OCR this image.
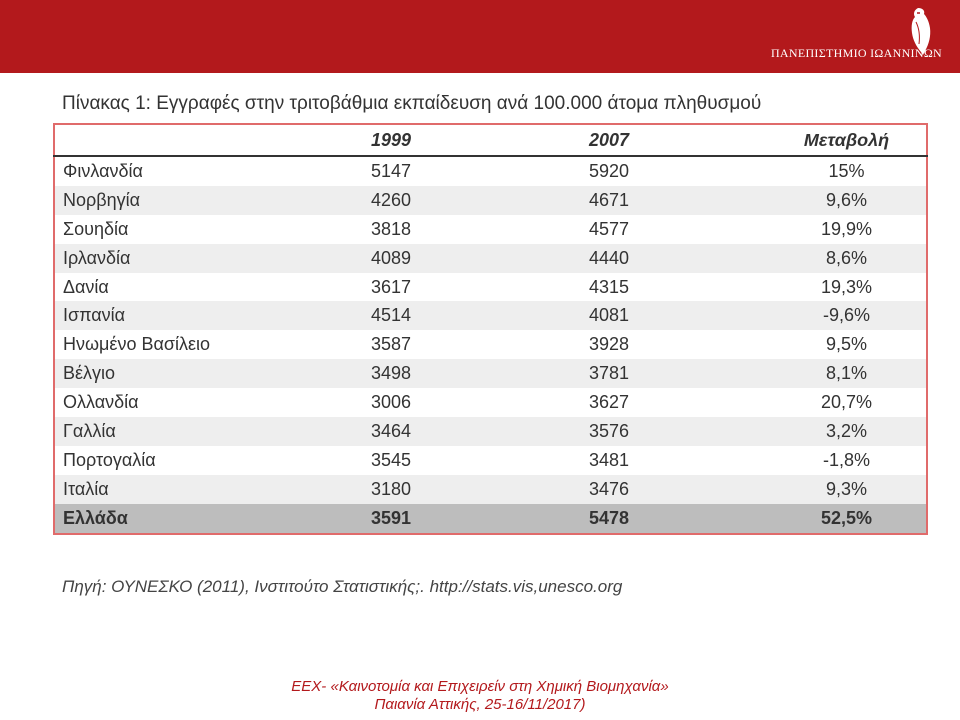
ΠΑΝΕΠΙΣΤΗΜΙΟ ΙΩΑΝΝΙΝΩΝ
Πίνακας 1: Εγγραφές στην τριτοβάθμια εκπαίδευση ανά 100.000 άτομα πληθυσμού
	1999	2007	Μεταβολή
Φινλανδία	5147	5920	15%
Νορβηγία	4260	4671	9,6%
Σουηδία	3818	4577	19,9%
Ιρλανδία	4089	4440	8,6%
Δανία	3617	4315	19,3%
Ισπανία	4514	4081	-9,6%
Ηνωμένο Βασίλειο	3587	3928	9,5%
Βέλγιο	3498	3781	8,1%
Ολλανδία	3006	3627	20,7%
Γαλλία	3464	3576	3,2%
Πορτογαλία	3545	3481	-1,8%
Ιταλία	3180	3476	9,3%
Ελλάδα	3591	5478	52,5%
Πηγή: ΟΥΝΕΣΚΟ (2011), Ινστιτούτο Στατιστικής;. http://stats.vis,unesco.org
ΕΕΧ- «Καινοτομία και Επιχειρείν στη Χημική Βιομηχανία»
Παιανία Αττικής, 25-16/11/2017)
